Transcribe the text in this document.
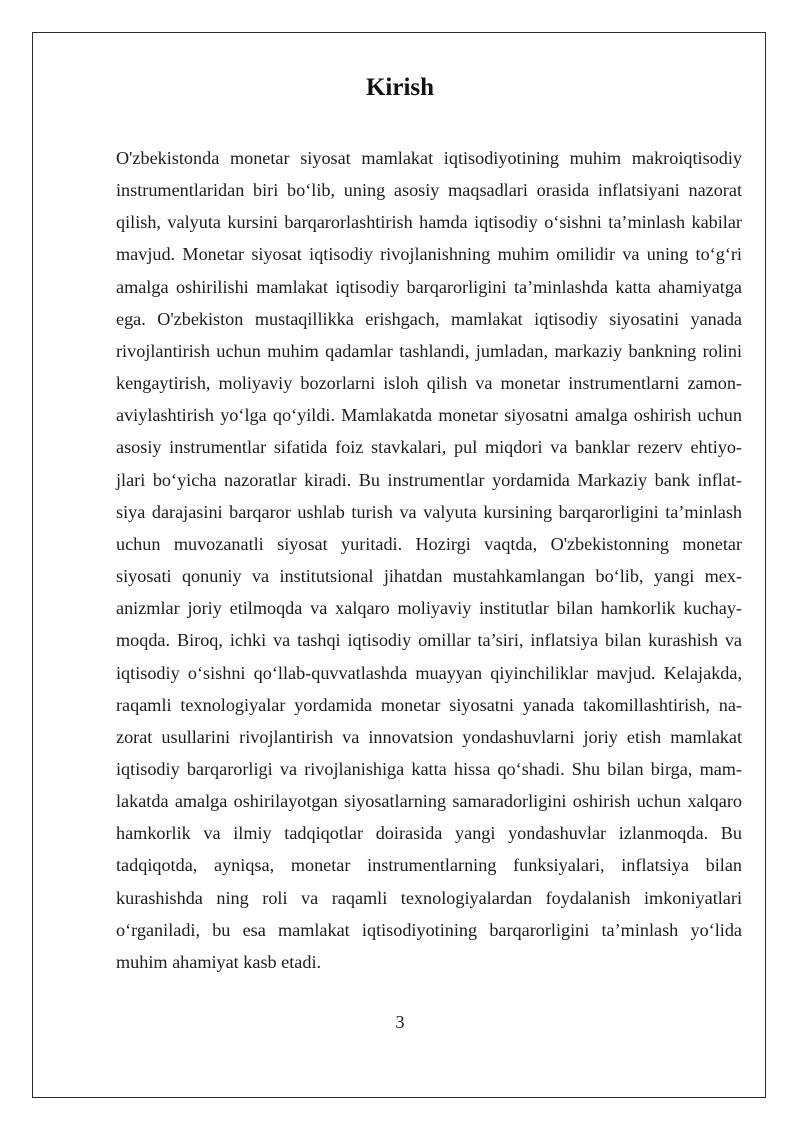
Kirish

O'zbekistonda monetar siyosat mamlakat iqtisodiyotining muhim makroiqtisodiy
instrumentlaridan biri bo‘lib, uning asosiy maqsadlari orasida inflatsiyani nazorat
qilish, valyuta kursini barqarorlashtirish hamda iqtisodiy o‘sishni ta’minlash kabilar
mavjud. Monetar siyosat iqtisodiy rivojlanishning muhim omilidir va uning to‘g‘ri
amalga oshirilishi mamlakat iqtisodiy barqarorligini ta’minlashda katta ahamiyatga
ega. O'zbekiston mustaqillikka erishgach, mamlakat iqtisodiy siyosatini yanada
rivojlantirish uchun muhim qadamlar tashlandi, jumladan, markaziy bankning rolini
kengaytirish, moliyaviy bozorlarni isloh qilish va monetar instrumentlarni zamon-
aviylashtirish yo‘lga qo‘yildi. Mamlakatda monetar siyosatni amalga oshirish uchun
asosiy instrumentlar sifatida foiz stavkalari, pul miqdori va banklar rezerv ehtiyo-
jlari bo‘yicha nazoratlar kiradi. Bu instrumentlar yordamida Markaziy bank inflat-
siya darajasini barqaror ushlab turish va valyuta kursining barqarorligini ta’minlash
uchun muvozanatli siyosat yuritadi. Hozirgi vaqtda, O'zbekistonning monetar
siyosati qonuniy va institutsional jihatdan mustahkamlangan bo‘lib, yangi mex-
anizmlar joriy etilmoqda va xalqaro moliyaviy institutlar bilan hamkorlik kuchay-
moqda. Biroq, ichki va tashqi iqtisodiy omillar ta’siri, inflatsiya bilan kurashish va
iqtisodiy o‘sishni qo‘llab-quvvatlashda muayyan qiyinchiliklar mavjud. Kelajakda,
raqamli texnologiyalar yordamida monetar siyosatni yanada takomillashtirish, na-
zorat usullarini rivojlantirish va innovatsion yondashuvlarni joriy etish mamlakat
iqtisodiy barqarorligi va rivojlanishiga katta hissa qo‘shadi. Shu bilan birga, mam-
lakatda amalga oshirilayotgan siyosatlarning samaradorligini oshirish uchun xalqaro
hamkorlik va ilmiy tadqiqotlar doirasida yangi yondashuvlar izlanmoqda. Bu
tadqiqotda, ayniqsa, monetar instrumentlarning funksiyalari, inflatsiya bilan
kurashishda ning roli va raqamli texnologiyalardan foydalanish imkoniyatlari
o‘rganiladi, bu esa mamlakat iqtisodiyotining barqarorligini ta’minlash yo‘lida
muhim ahamiyat kasb etadi.

3
